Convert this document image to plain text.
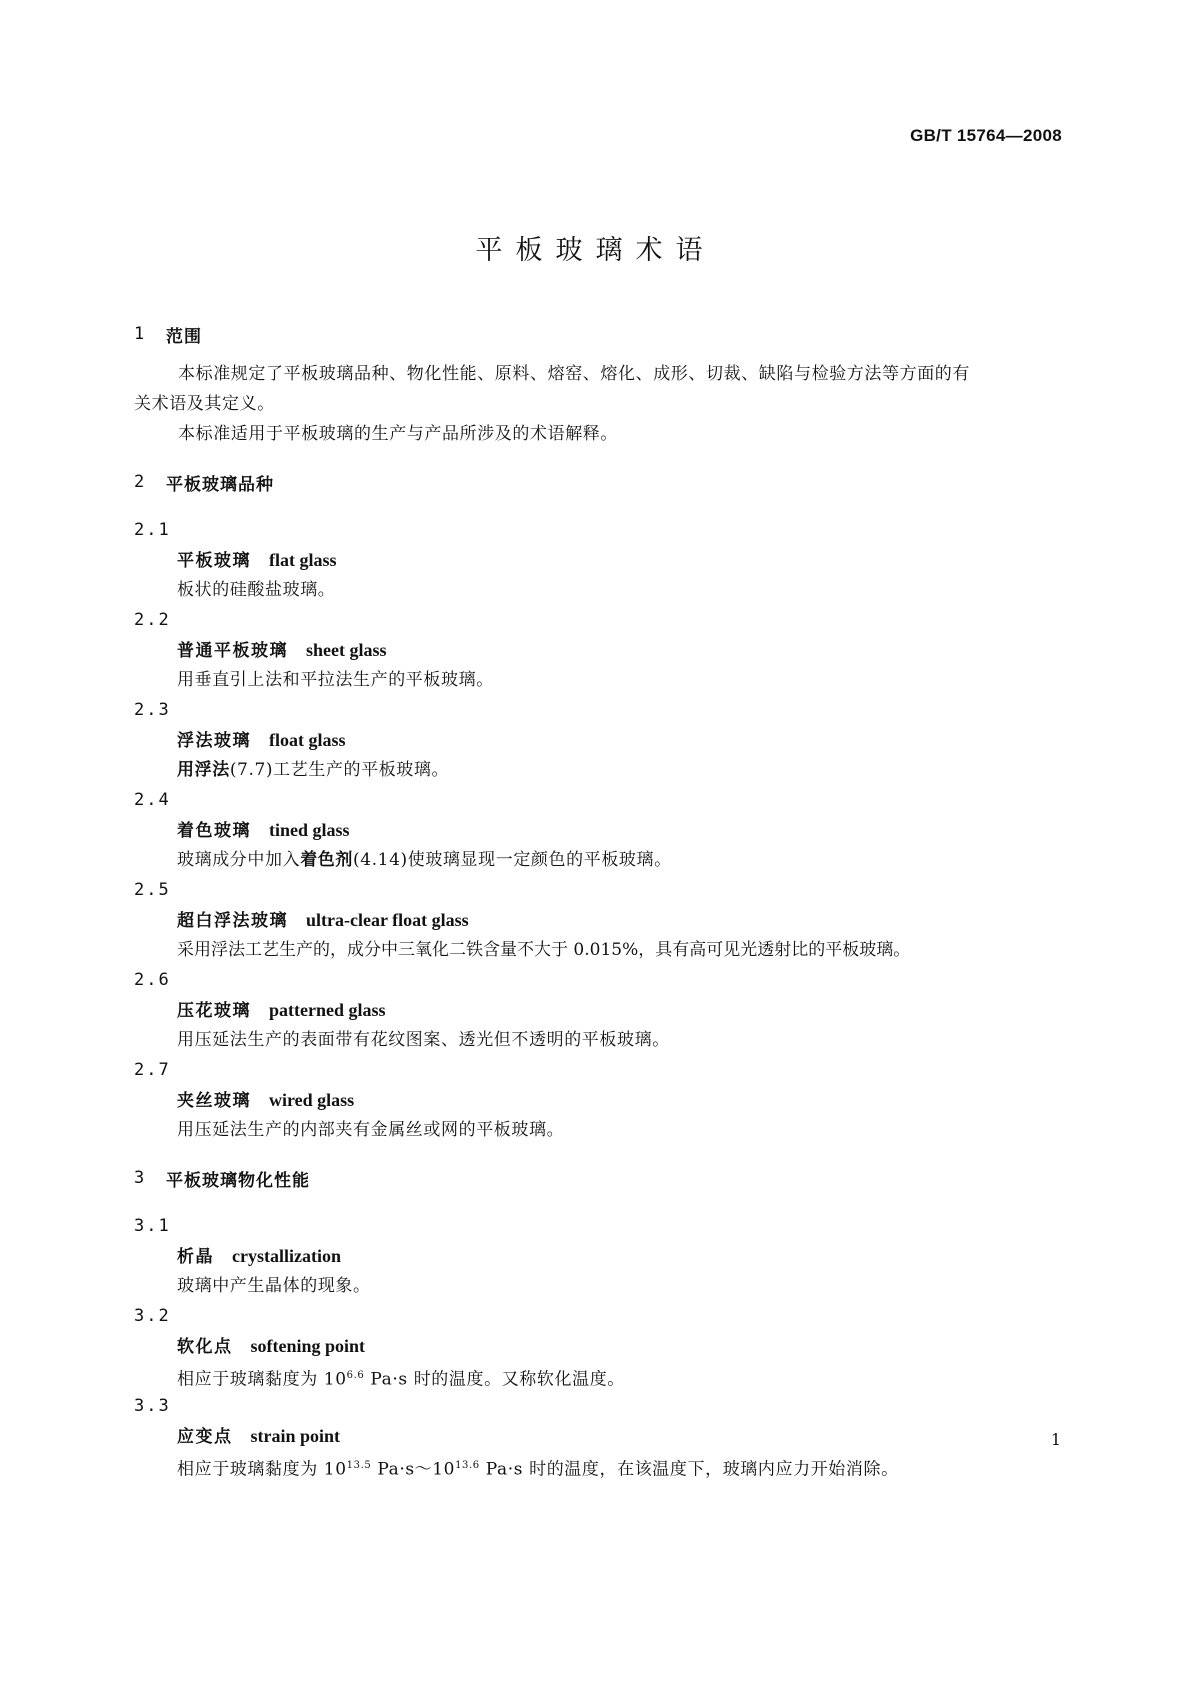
GB/T 15764—2008
平板玻璃术语
1	范围

本标准规定了平板玻璃品种、物化性能、原料、熔窑、熔化、成形、切裁、缺陷与检验方法等方面的有

关术语及其定义。

本标准适用于平板玻璃的生产与产品所涉及的术语解释。

2	平板玻璃品种
2.1
平板玻璃 flat glass
板状的硅酸盐玻璃。
2.2
普通平板玻璃 sheet glass
用垂直引上法和平拉法生产的平板玻璃。
2.3
浮法玻璃 float glass
用浮法(7.7)工艺生产的平板玻璃。
2.4
着色玻璃 tined glass
玻璃成分中加入着色剂(4.14)使玻璃显现一定颜色的平板玻璃。
2.5
超白浮法玻璃 ultra-clear float glass
采用浮法工艺生产的，成分中三氧化二铁含量不大于 0.015%，具有高可见光透射比的平板玻璃。
2.6
压花玻璃 patterned glass
用压延法生产的表面带有花纹图案、透光但不透明的平板玻璃。
2.7
夹丝玻璃 wired glass
用压延法生产的内部夹有金属丝或网的平板玻璃。
3	平板玻璃物化性能
3.1
析晶 crystallization
玻璃中产生晶体的现象。
3.2
软化点 softening point
相应于玻璃黏度为 $10^{6.6}$ Pa·s 时的温度。又称软化温度。
3.3
应变点 strain point
相应于玻璃黏度为 $10^{13.5}$ $Pa\cdot s\sim 10^{13.6}$ Pa·s 时的温度，在该温度下，玻璃内应力开始消除。
1
